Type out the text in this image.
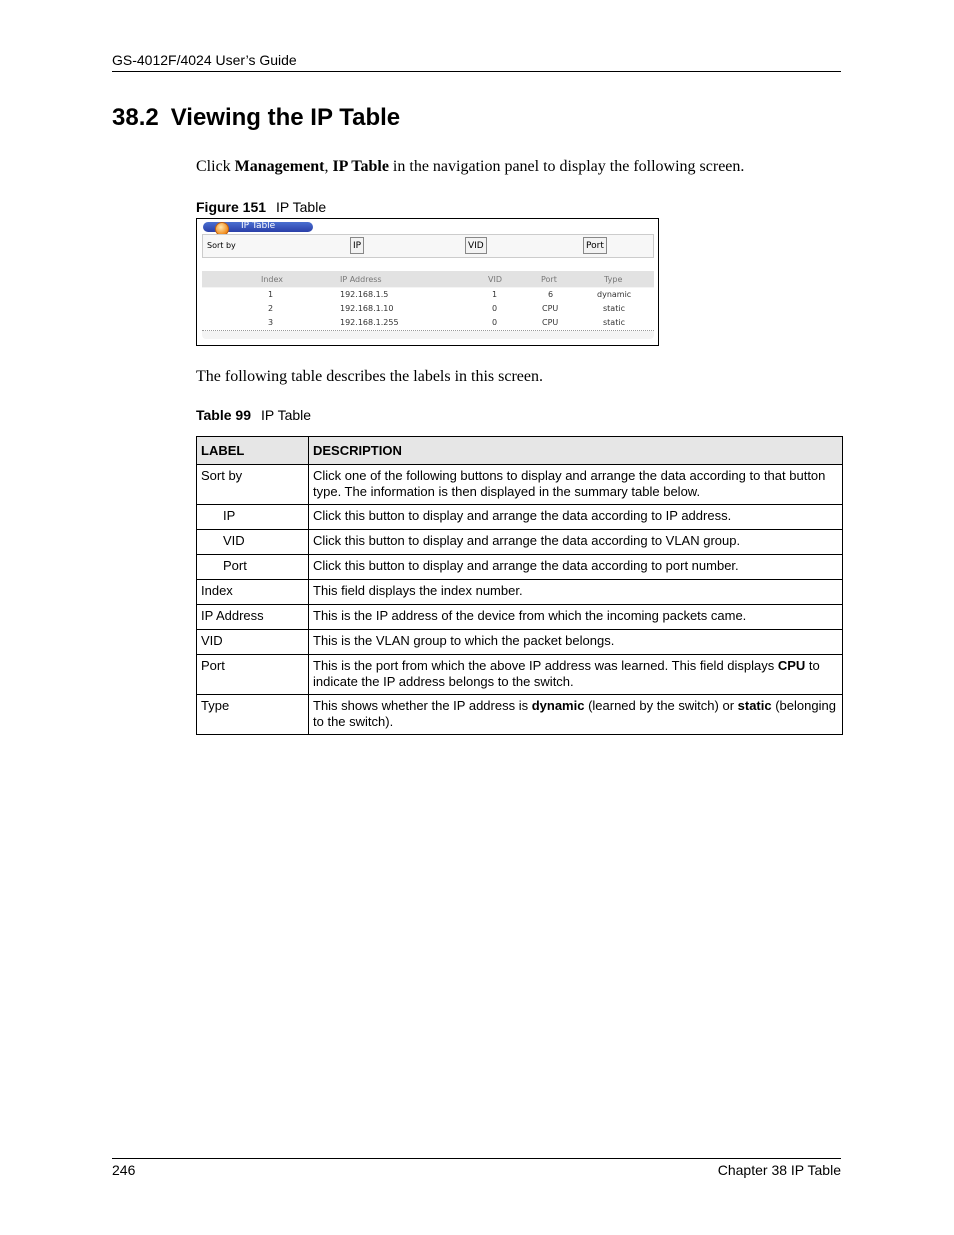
GS-4012F/4024 User’s Guide
38.2 Viewing the IP Table
Click Management, IP Table in the navigation panel to display the following screen.
Figure 151 IP Table
IP Table
Sort by	IP	VID	Port
Index	IP Address	VID	Port	Type
1	192.168.1.5	1	6	dynamic
2	192.168.1.10	0	CPU	static
3	192.168.1.255	0	CPU	static
The following table describes the labels in this screen.
Table 99 IP Table
LABEL	DESCRIPTION
Sort by	Click one of the following buttons to display and arrange the data according to that button type. The information is then displayed in the summary table below.
IP	Click this button to display and arrange the data according to IP address.
VID	Click this button to display and arrange the data according to VLAN group.
Port	Click this button to display and arrange the data according to port number.
Index	This field displays the index number.
IP Address	This is the IP address of the device from which the incoming packets came.
VID	This is the VLAN group to which the packet belongs.
Port	This is the port from which the above IP address was learned. This field displays CPU to indicate the IP address belongs to the switch.
Type	This shows whether the IP address is dynamic (learned by the switch) or static (belonging to the switch).
246	Chapter 38 IP Table
